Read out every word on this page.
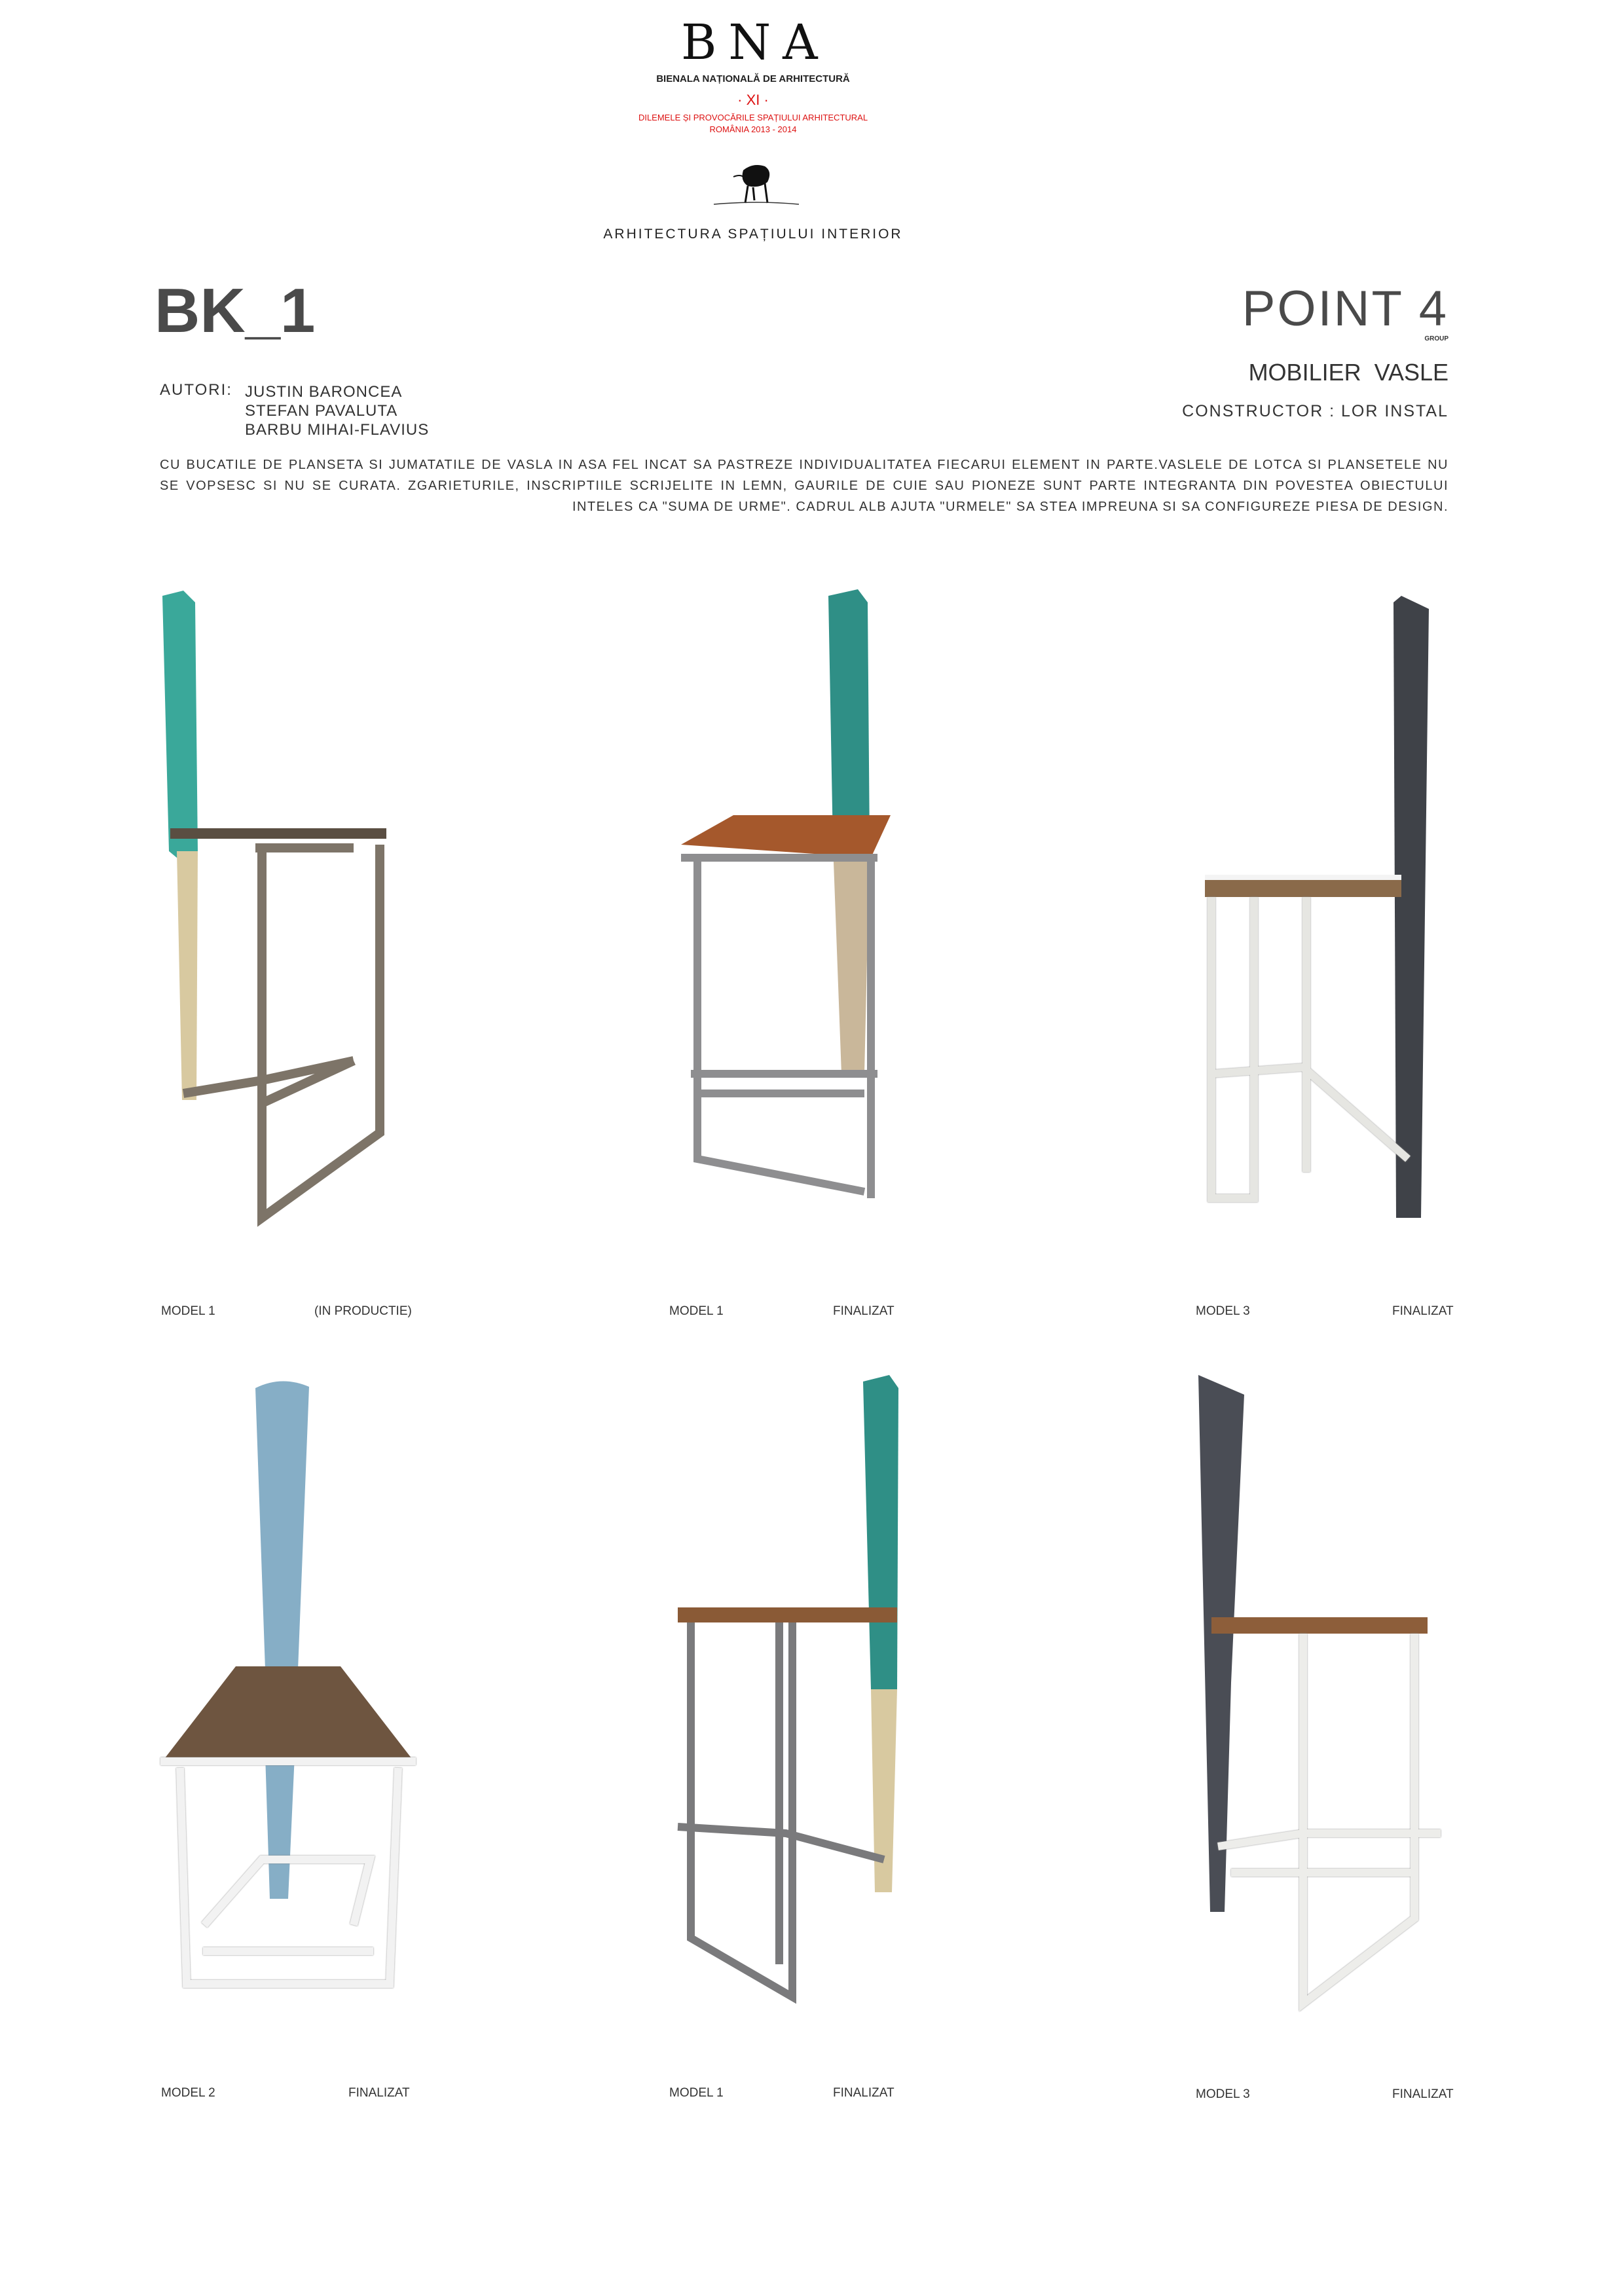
BNA
BIENALA NAȚIONALĂ DE ARHITECTURĂ
· XI ·
DILEMELE ȘI PROVOCĂRILE SPAȚIULUI ARHITECTURAL
ROMÂNIA 2013 - 2014
ARHITECTURA SPAȚIULUI INTERIOR
BK_1	POINT 4
GROUP
MOBILIER VASLE
CONSTRUCTOR : LOR INSTAL
AUTORI: JUSTIN BARONCEA
STEFAN PAVALUTA
BARBU MIHAI-FLAVIUS
CU BUCATILE DE PLANSETA SI JUMATATILE DE VASLA IN ASA FEL INCAT SA PASTREZE INDIVIDUALITATEA FIECARUI ELEMENT IN PARTE.VASLELE DE LOTCA SI PLANSETELE NU SE VOPSESC SI NU SE CURATA. ZGARIETURILE, INSCRIPTIILE SCRIJELITE IN LEMN, GAURILE DE CUIE SAU PIONEZE SUNT PARTE INTEGRANTA DIN POVESTEA OBIECTULUI INTELES CA "SUMA DE URME". CADRUL ALB AJUTA "URMELE" SA STEA IMPREUNA SI SA CONFIGUREZE PIESA DE DESIGN.
MODEL 1	(IN PRODUCTIE)	MODEL 1	FINALIZAT	MODEL 3	FINALIZAT
MODEL 2	FINALIZAT	MODEL 1	FINALIZAT	MODEL 3	FINALIZAT
